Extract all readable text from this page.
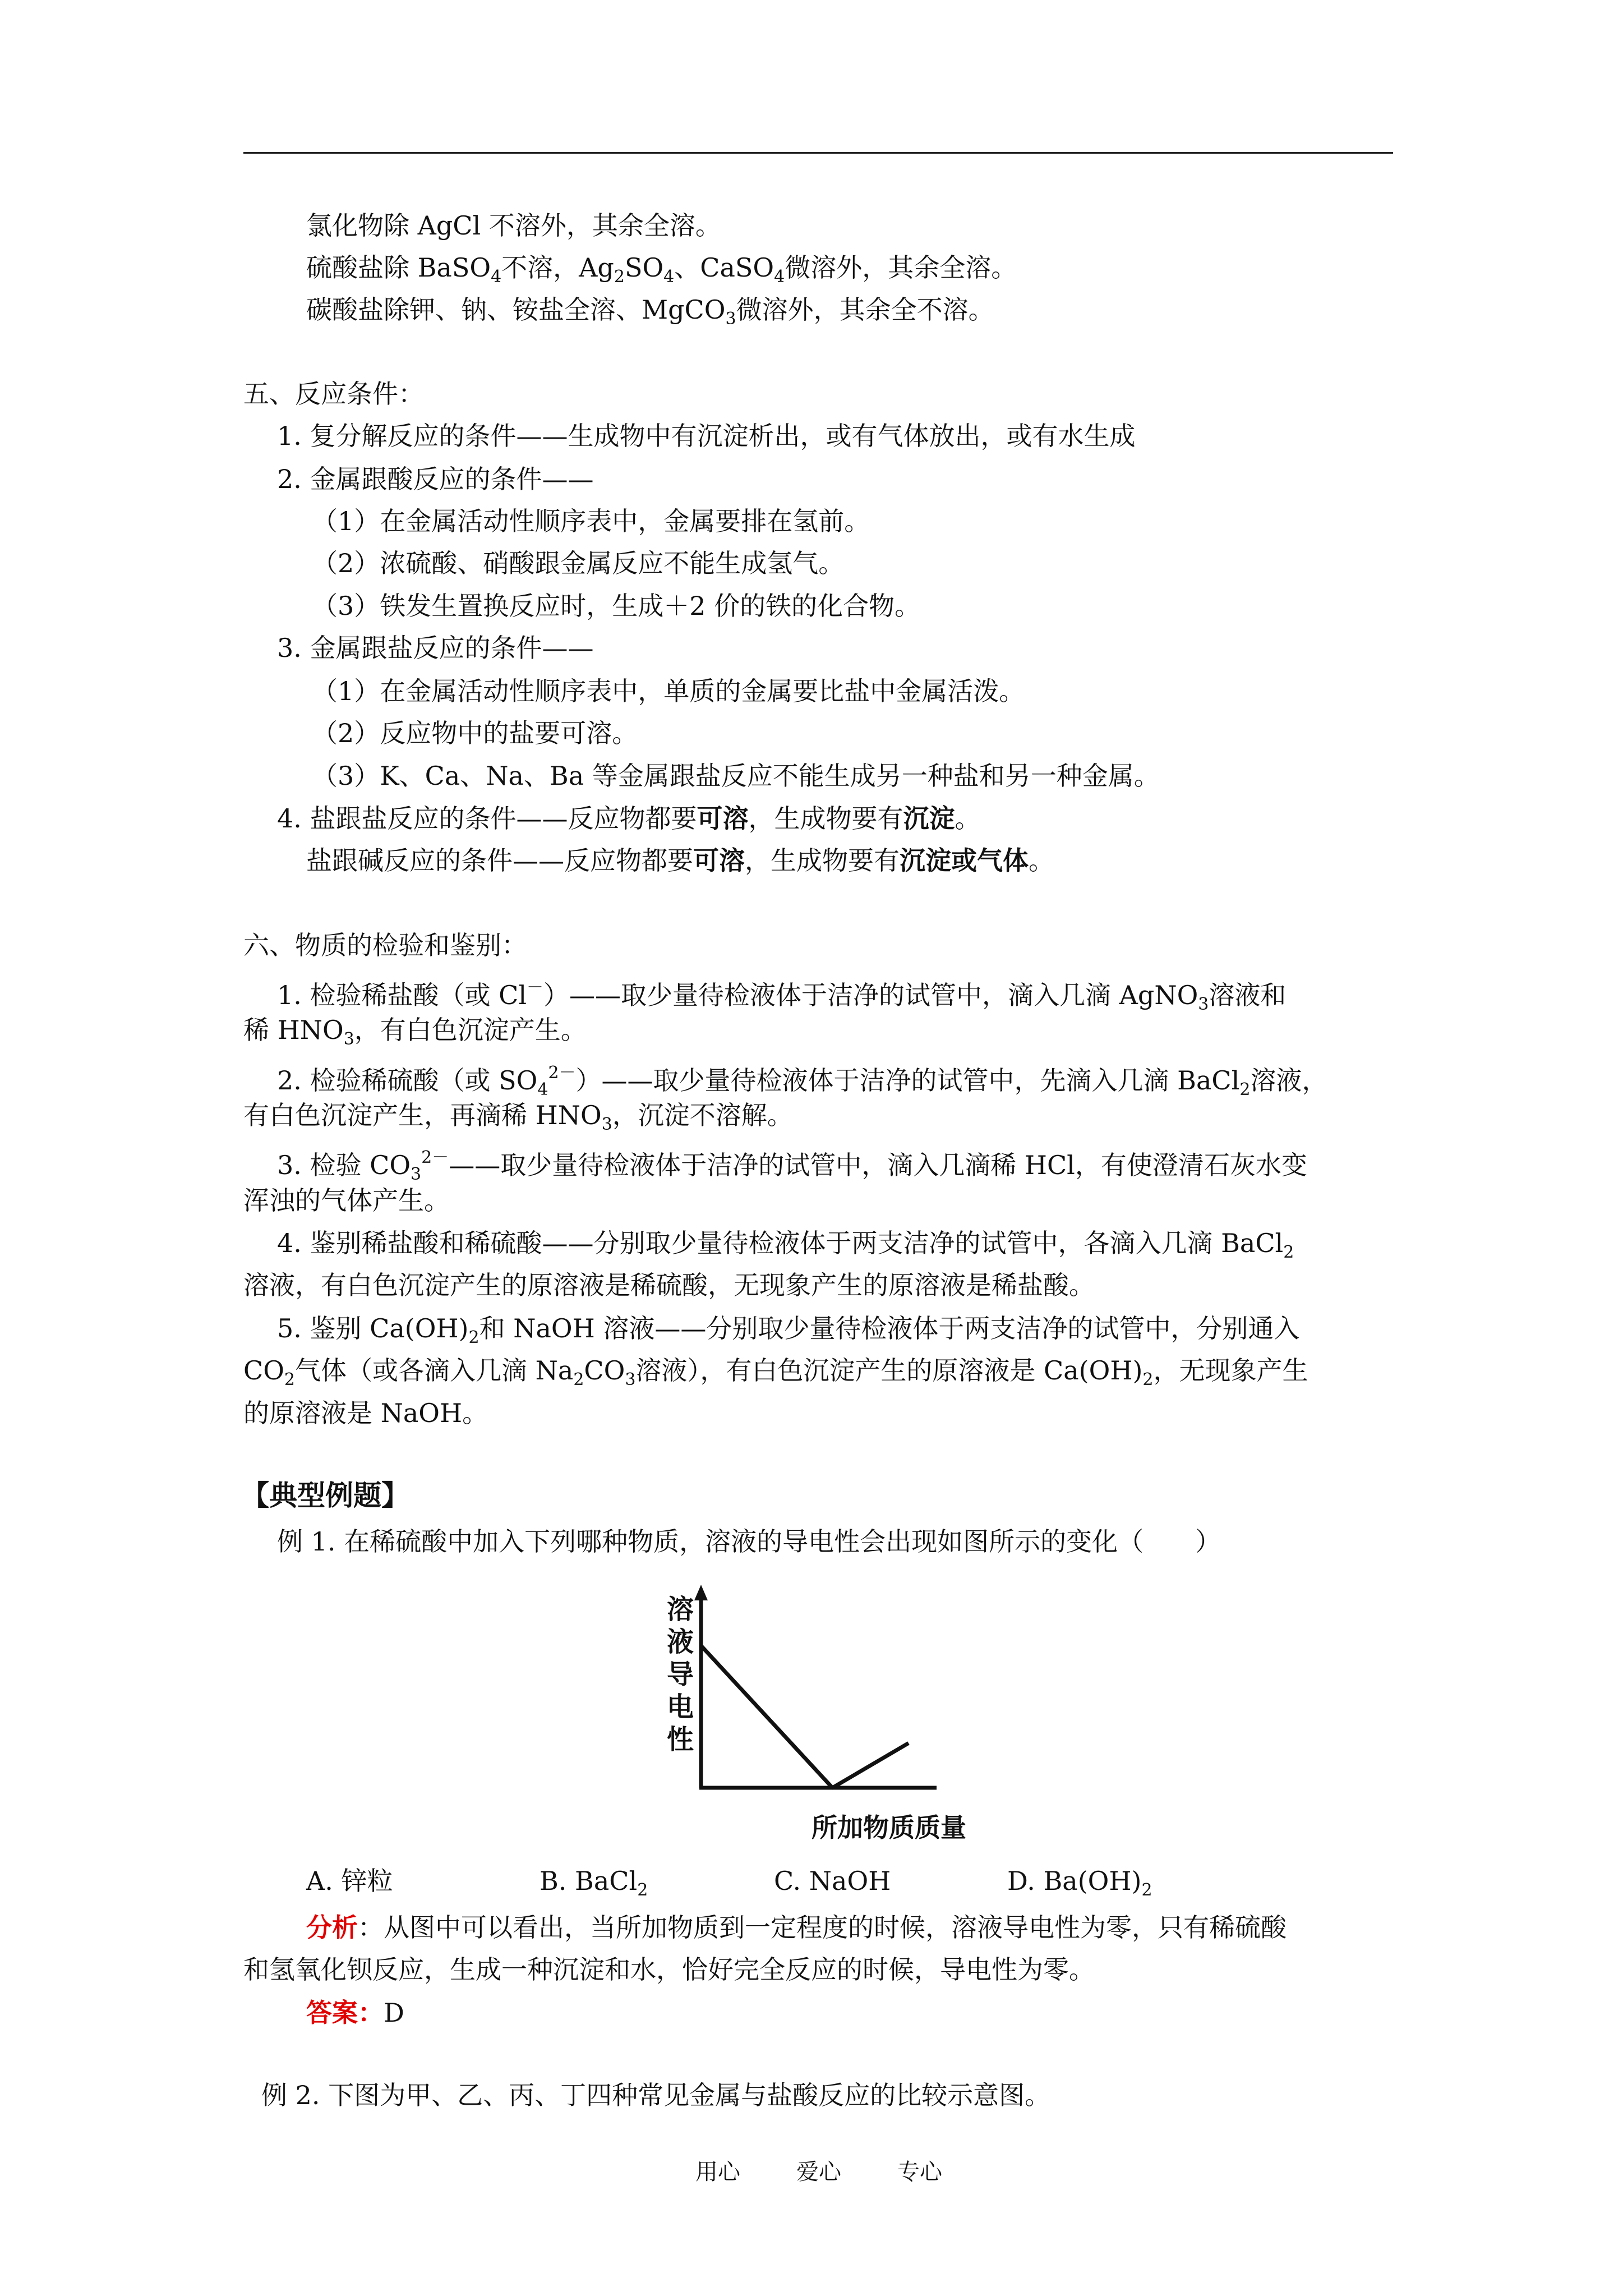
氯化物除 AgCl 不溶外，其余全溶。
硫酸盐除 BaSO$_4$不溶，$Ag_2SO_4$、CaSO$_4$微溶外，其余全溶。
碳酸盐除钾、钠、铵盐全溶、MgCO$_3$微溶外，其余全不溶。
五、反应条件：
1. 复分解反应的条件——生成物中有沉淀析出，或有气体放出，或有水生成
2. 金属跟酸反应的条件——
（1）在金属活动性顺序表中，金属要排在氢前。
（2）浓硫酸、硝酸跟金属反应不能生成氢气。
（3）铁发生置换反应时，生成＋2 价的铁的化合物。
3. 金属跟盐反应的条件——
（1）在金属活动性顺序表中，单质的金属要比盐中金属活泼。
（2）反应物中的盐要可溶。
（3）K、Ca、Na、Ba 等金属跟盐反应不能生成另一种盐和另一种金属。
4. 盐跟盐反应的条件——反应物都要可溶，生成物要有沉淀。
盐跟碱反应的条件——反应物都要可溶，生成物要有沉淀或气体。
六、物质的检验和鉴别：
1. 检验稀盐酸（或 Cl－）——取少量待检液体于洁净的试管中，滴入几滴 AgNO$_3$溶液和
稀 $HNO_3$，有白色沉淀产生。
2. 检验稀硫酸（或 $SO_4^{2-})——$取少量待检液体于洁净的试管中，先滴入几滴 BaCl$_2$溶液，
有白色沉淀产生，再滴稀 $HNO_3$，沉淀不溶解。
3. 检验 $CO_3^{2-}——$取少量待检液体于洁净的试管中，滴入几滴稀 HCl，有使澄清石灰水变
浑浊的气体产生。
4. 鉴别稀盐酸和稀硫酸——分别取少量待检液体于两支洁净的试管中，各滴入几滴 BaCl$_2$
溶液，有白色沉淀产生的原溶液是稀硫酸，无现象产生的原溶液是稀盐酸。
5. 鉴别 $Ca(OH)_2$和 NaOH 溶液——分别取少量待检液体于两支洁净的试管中，分别通入
$CO_2$气体（或各滴入几滴 $Na_2CO_3$溶液），有白色沉淀产生的原溶液是 $Ca(OH)_2$，无现象产生
的原溶液是 NaOH。
【典型例题】
例 1. 在稀硫酸中加入下列哪种物质，溶液的导电性会出现如图所示的变化（　　）
溶液导电性
所加物质质量
A. 锌粒	B. BaCl$_2$	C. NaOH	D. $Ba(OH)_2$
分析：从图中可以看出，当所加物质到一定程度的时候，溶液导电性为零，只有稀硫酸
和氢氧化钡反应，生成一种沉淀和水，恰好完全反应的时候，导电性为零。
答案：D
例 2. 下图为甲、乙、丙、丁四种常见金属与盐酸反应的比较示意图。
用心	爱心	专心
